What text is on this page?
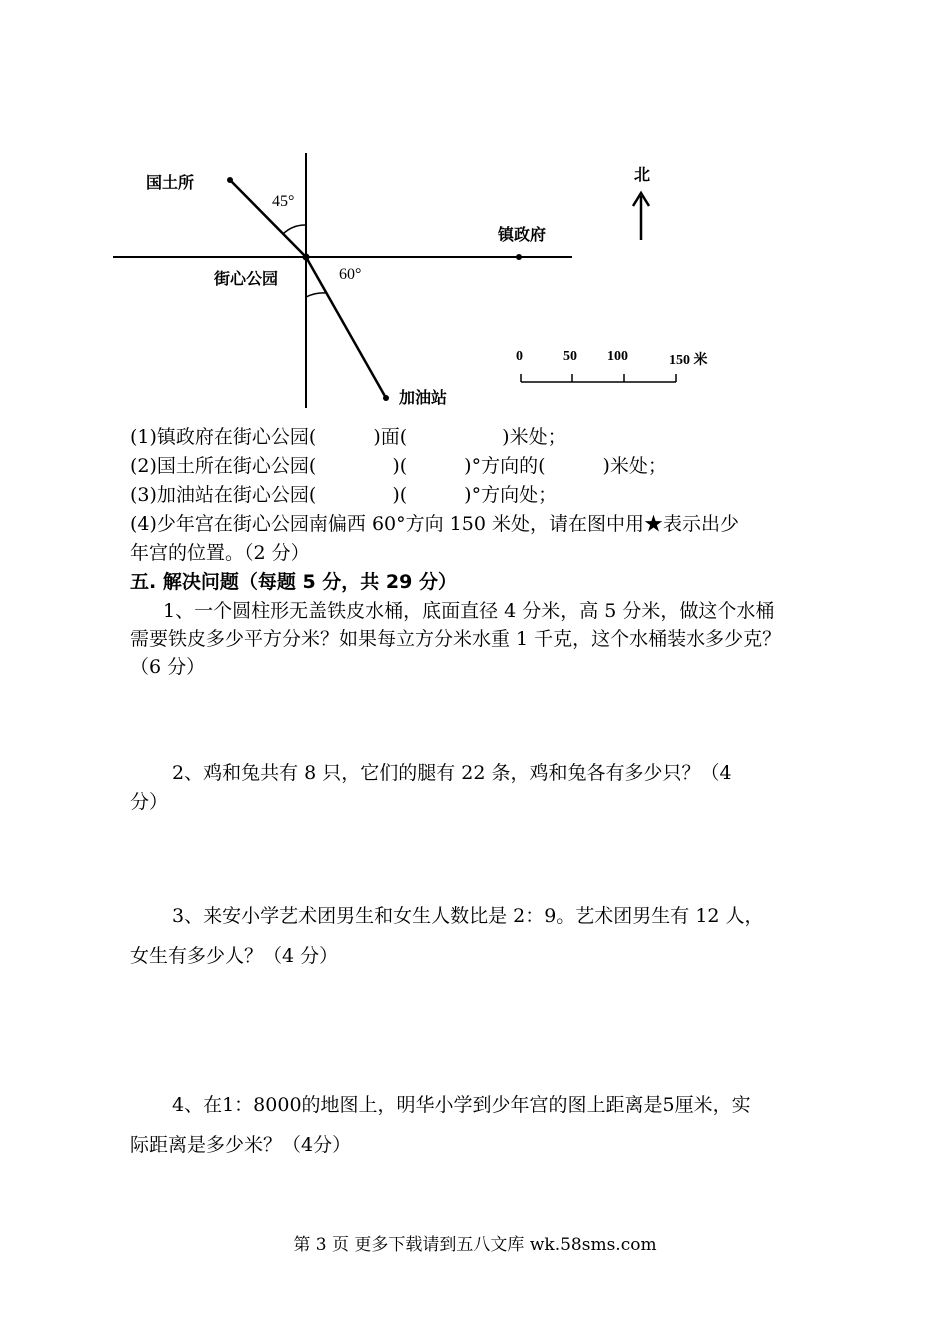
国土所
45°
镇政府
街心公园	60°
加油站
北
0	50 100	150 米
(1)镇政府在街心公园(　　　)面(　　　　　)米处；
(2)国土所在街心公园(　　　　)(　　　)°方向的(　　　)米处；
(3)加油站在街心公园(　　　　)(　　　)°方向处；
(4)少年宫在街心公园南偏西 60°方向 150 米处，请在图中用★表示出少
年宫的位置。（2 分）
五. 解决问题（每题 5 分，共 29 分）
1、一个圆柱形无盖铁皮水桶，底面直径 4 分米，高 5 分米，做这个水桶
需要铁皮多少平方分米？如果每立方分米水重 1 千克，这个水桶装水多少克？
（6 分）
2、鸡和兔共有 8 只，它们的腿有 22 条，鸡和兔各有多少只？（4
分）
3、来安小学艺术团男生和女生人数比是 2：9。艺术团男生有 12 人，
女生有多少人？（4 分）
4、在1：8000的地图上，明华小学到少年宫的图上距离是5厘米，实
际距离是多少米？（4分）
第 3 页 更多下载请到五八文库 wk.58sms.com
